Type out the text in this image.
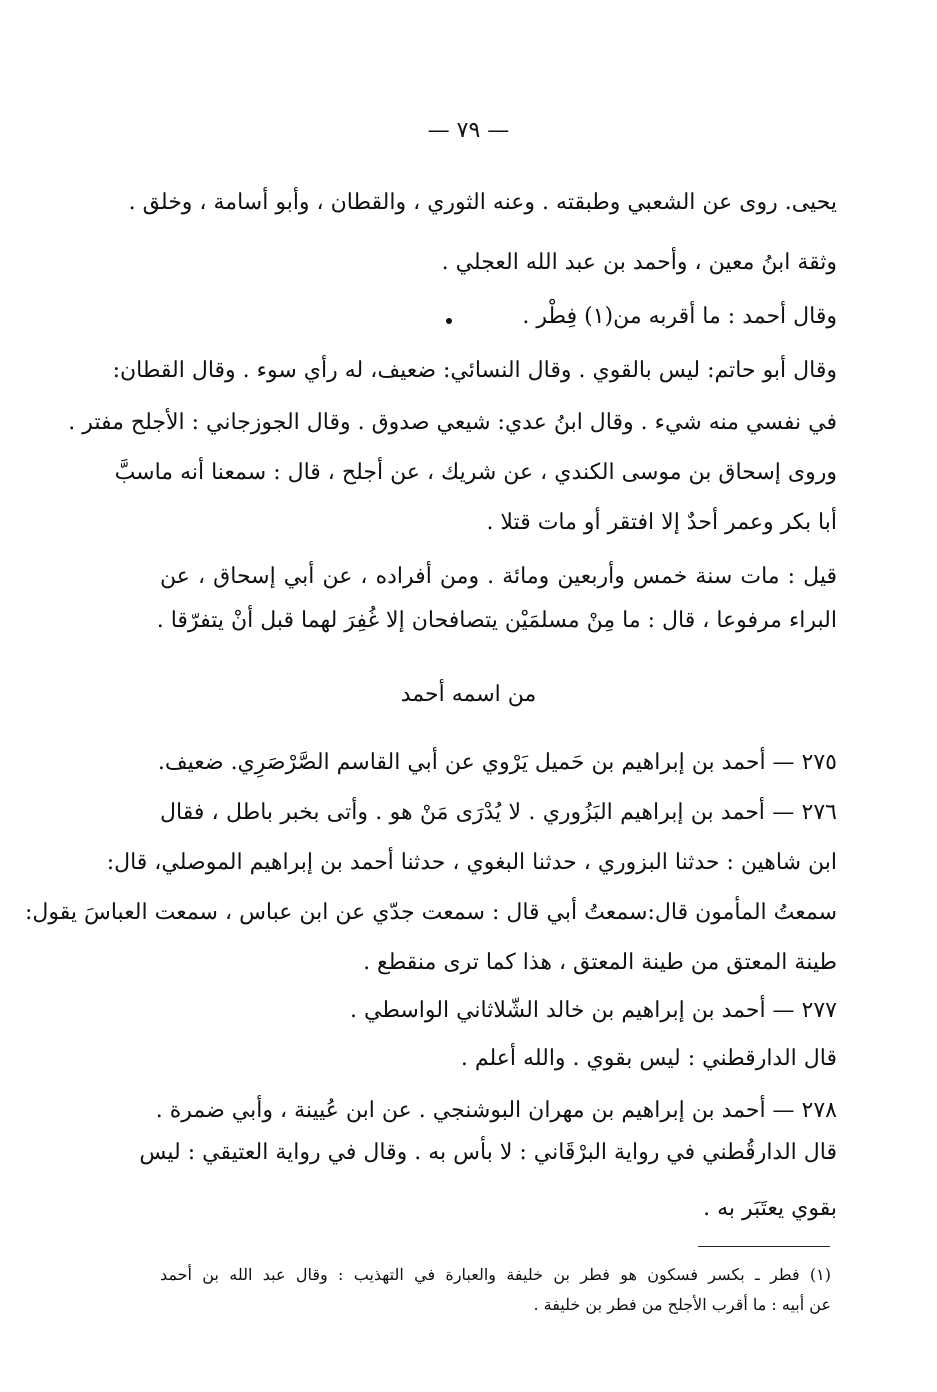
— ٧٩ —
يحيى. روى عن الشعبي وطبقته . وعنه الثوري ، والقطان ، وأبو أسامة ، وخلق .
وثقة ابنُ معين ، وأحمد بن عبد الله العجلي .
وقال أحمد : ما أقربه من(١) فِطْر .
وقال أبو حاتم: ليس بالقوي . وقال النسائي: ضعيف، له رأي سوء . وقال القطان:
في نفسي منه شيء . وقال ابنُ عدي: شيعي صدوق . وقال الجوزجاني : الأجلح مفتر .
وروى إسحاق بن موسى الكندي ، عن شريك ، عن أجلح ، قال : سمعنا أنه ماسبَّ
أبا بكر وعمر أحدٌ إلا افتقر أو مات قتلا .
قيل : مات سنة خمس وأربعين ومائة . ومن أفراده ، عن أبي إسحاق ، عن
البراء مرفوعا ، قال : ما مِنْ مسلمَيْن يتصافحان إلا غُفِرَ لهما قبل أنْ يتفرّقا .
من اسمه أحمد
٢٧٥ — أحمد بن إبراهيم بن حَميل يَرْوي عن أبي القاسم الصَّرْصَرِي. ضعيف.
٢٧٦ — أحمد بن إبراهيم البَزُوري . لا يُدْرَى مَنْ هو . وأتى بخبر باطل ، فقال
ابن شاهين : حدثنا البزوري ، حدثنا البغوي ، حدثنا أحمد بن إبراهيم الموصلي، قال:
سمعتُ المأمون قال:سمعتُ أبي قال : سمعت جدّي عن ابن عباس ، سمعت العباسَ يقول:
طينة المعتق من طينة المعتق ، هذا كما ترى منقطع .
٢٧٧ — أحمد بن إبراهيم بن خالد الشّلاثاني الواسطي .
قال الدارقطني : ليس بقوي . والله أعلم .
٢٧٨ — أحمد بن إبراهيم بن مهران البوشنجي . عن ابن عُيينة ، وأبي ضمرة .
قال الدارقُطني في رواية البرْقَاني : لا بأس به . وقال في رواية العتيقي : ليس
بقوي يعتَبَر به .
(١) فطر ـ بكسر فسكون هو فطر بن خليفة والعبارة في التهذيب : وقال عبد الله بن أحمد
عن أبيه : ما أقرب الأجلح من فطر بن خليفة .
